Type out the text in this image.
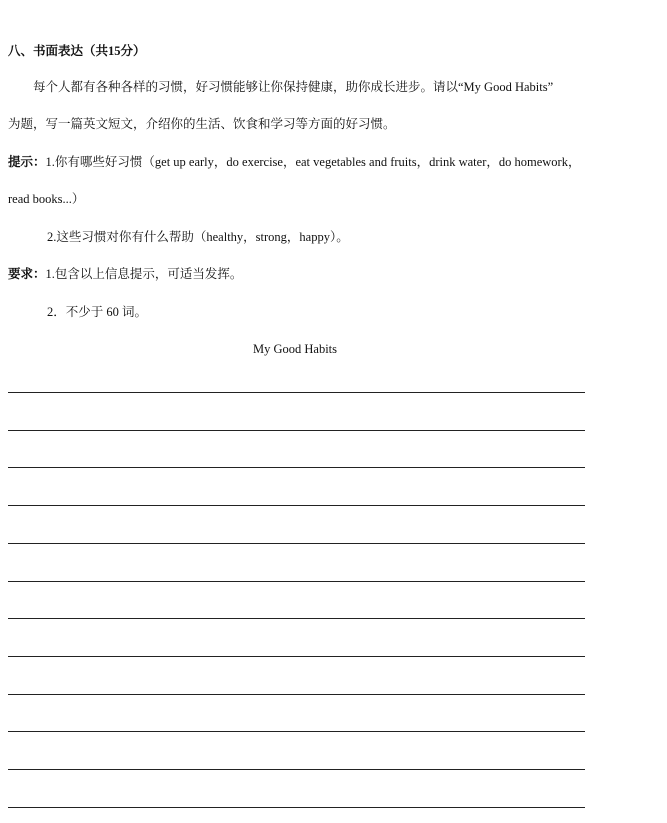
八、书面表达（共15分）
每个人都有各种各样的习惯，好习惯能够让你保持健康，助你成长进步。请以“My Good Habits”
为题，写一篇英文短文，介绍你的生活、饮食和学习等方面的好习惯。
提示：1.你有哪些好习惯（get up early，do exercise，eat vegetables and fruits，drink water，do homework，
read books...）
2.这些习惯对你有什么帮助（healthy，strong，happy）。
要求：1.包含以上信息提示，可适当发挥。
2．不少于 60 词。
My Good Habits
